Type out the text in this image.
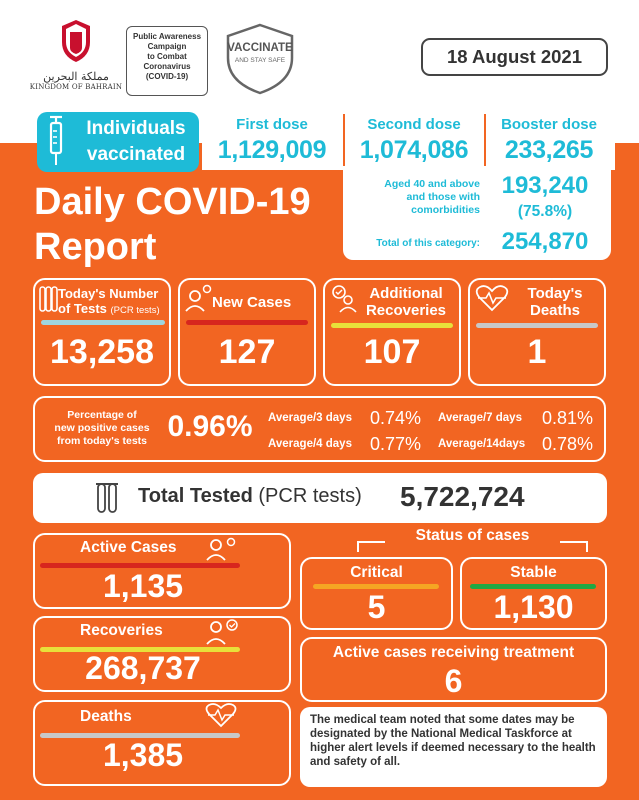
مملكة البحرين
KINGDOM OF BAHRAIN
Public Awareness
Campaign
to Combat
Coronavirus
(COVID-19)
VACCINATE
AND STAY SAFE	18 August 2021
Individuals
vaccinated
First dose
1,129,009
Second dose
1,074,086
Booster dose
233,265
Aged 40 and above
and those with
comorbidities
193,240
(75.8%)
Total of this category: 254,870
Daily COVID-19
Report
Today's Number
of Tests (PCR tests)
13,258
New Cases
127
Additional
Recoveries
107
Today's
Deaths
1
Percentage of
new positive cases
from today's tests 0.96%	Average/3 days	0.74%	Average/7 days	0.81%
Average/4 days	0.77%	Average/14days 0.78%
Total Tested (PCR tests)	5,722,724
Active Cases
1,135
Recoveries
268,737
Deaths
1,385
Status of cases
Critical
5
Stable
1,130
Active cases receiving treatment
6
The medical team noted that some dates may be designated by the National Medical Taskforce at higher alert levels if deemed necessary to the health and safety of all.
